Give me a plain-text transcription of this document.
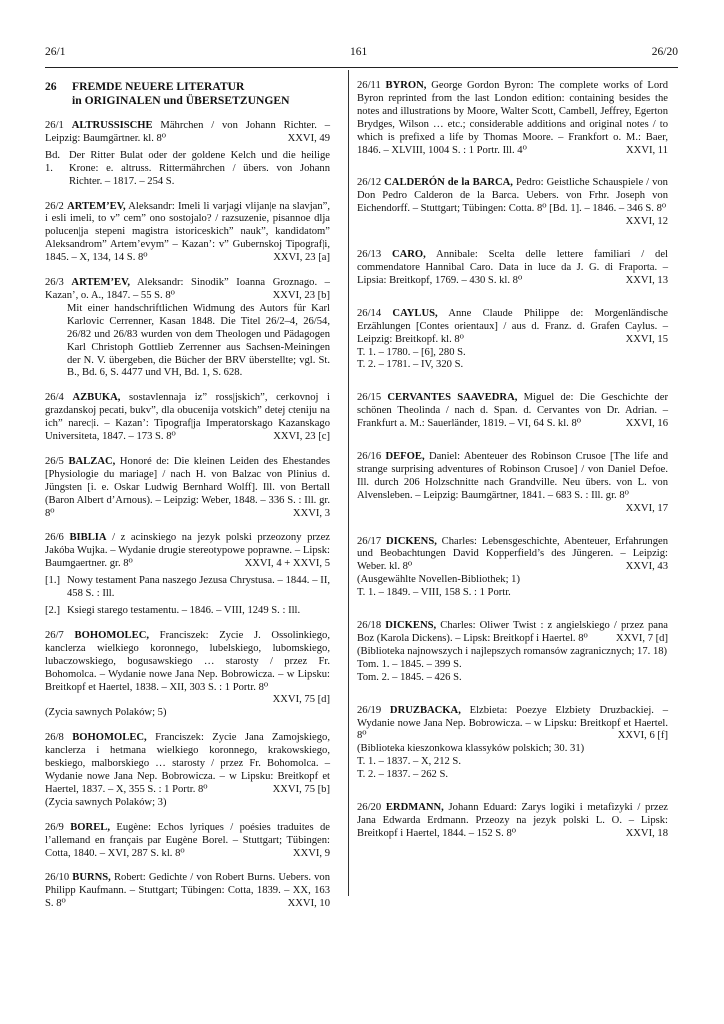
26/1	161	26/20
26	FREMDE NEUERE LITERATUR
in ORIGINALEN und ÜBERSETZUNGEN

26/1 ALTRUSSISCHE Mährchen / von Johann Richter. – Leipzig: Baumgärtner. kl. 8⁰	XXVI, 49

Bd. 1.
Der Ritter Bulat oder der goldene Kelch und die heilige Krone: e. altruss. Rittermährchen / übers. von Johann Richter. – 1817. – 254 S.

26/2 ARTEM’EV, Aleksandr: Imeli li varjagi vlijan|e na slavjan”, i esli imeli, to v” cem” ono sostojalo? / razsuzenie, pisannoe dlja polucen|ja stepeni magistra istoriceskich” nauk”, kandidatom” Aleksandrom” Artem’evym” – Kazan’: v” Gubernskoj Tipograf|i, 1845. – X, 134, 14 S. 8⁰	XXVI, 23 [a]

26/3 ARTEM’EV, Aleksandr: Sinodik” Ioanna Groznago. – Kazan’, o. A., 1847. – 55 S. 8⁰	XXVI, 23 [b]

Mit einer handschriftlichen Widmung des Autors für Karl Karlovic Cerrenner, Kasan 1848. Die Titel 26/2–4, 26/54, 26/82 und 26/83 wurden von dem Theologen und Pädagogen Karl Christoph Gottlieb Zerrenner aus Sachsen-Meiningen der N. V. übergeben, die Bücher der BRV überstellte; vgl. St. B., Bd. 6, S. 4477 und VH, Bd. 1, S. 628.

26/4 AZBUKA, sostavlennaja iz” ross|jskich”, cerkovnoj i grazdanskoj pecati, bukv”, dla obucenija votskich” detej cteniju na ich” narec|i. – Kazan’: Tipograf|ja Imperatorskago Kazanskago Universiteta, 1847. – 173 S. 8⁰	XXVI, 23 [c]

26/5 BALZAC, Honoré de: Die kleinen Leiden des Ehestandes [Physiologie du mariage] / nach H. von Balzac von Plinius d. Jüngsten [i. e. Oskar Ludwig Bernhard Wolff]. Ill. von Bertall (Baron Albert d’Arnous). – Leipzig: Weber, 1848. – 336 S. : Ill. gr. 8⁰	XXVI, 3

26/6 BIBLIA / z acinskiego na jezyk polski przeozony przez Jakóba Wujka. – Wydanie drugie stereotypowe poprawne. – Lipsk: Baumgaertner. gr. 8⁰	XXVI, 4 + XXVI, 5

[1.] Nowy testament Pana naszego Jezusa Chrystusa. – 1844. – II, 458 S. : Ill.
[2.] Ksiegi starego testamentu. – 1846. – VIII, 1249 S. : Ill.

26/7 BOHOMOLEC, Franciszek: Zycie J. Ossolinkiego, kanclerza wielkiego koronnego, lubelskiego, lubomskiego, lubaczowskiego, bogusawskiego … starosty / przez Fr. Bohomolca. – Wydanie nowe Jana Nep. Bobrowicza. – w Lipsku: Breitkopf et Haertel, 1838. – XII, 303 S. : 1 Portr. 8⁰
XXVI, 75 [d]

(Zycia sawnych Polaków; 5)

26/8 BOHOMOLEC, Franciszek: Zycie Jana Zamojskiego, kanclerza i hetmana wielkiego koronnego, krakowskiego, beskiego, malborskiego … starosty / przez Fr. Bohomolca. – Wydanie nowe Jana Nep. Bobrowicza. – w Lipsku: Breitkopf et Haertel, 1837. – X, 355 S. : 1 Portr. 8⁰	XXVI, 75 [b]

(Zycia sawnych Polaków; 3)

26/9 BOREL, Eugène: Echos lyriques / poésies traduites de l’allemand en français par Eugène Borel. – Stuttgart; Tübingen: Cotta, 1840. – XVI, 287 S. kl. 8⁰	XXVI, 9

26/10 BURNS, Robert: Gedichte / von Robert Burns. Uebers. von Philipp Kaufmann. – Stuttgart; Tübingen: Cotta, 1839. – XX, 163 S. 8⁰	XXVI, 10

26/11 BYRON, George Gordon Byron: The complete works of Lord Byron reprinted from the last London edition: containing besides the notes and illustrations by Moore, Walter Scott, Cambell, Jeffrey, Egerton Brydges, Wilson … etc.; considerable additions and original notes / to which is prefixed a life by Thomas Moore. – Frankfort o. M.: Baer, 1846. – XLVIII, 1004 S. : 1 Portr. Ill. 4⁰	XXVI, 11

26/12 CALDERÓN de la BARCA, Pedro: Geistliche Schauspiele / von Don Pedro Calderon de la Barca. Uebers. von Frhr. Joseph von Eichendorff. – Stuttgart; Tübingen: Cotta. 8⁰ [Bd. 1]. – 1846. – 346 S. 8⁰
XXVI, 12

26/13 CARO, Annibale: Scelta delle lettere familiari / del commendatore Hannibal Caro. Data in luce da J. G. di Fraporta. – Lipsia: Breitkopf, 1769. – 430 S. kl. 8⁰	XXVI, 13

26/14 CAYLUS, Anne Claude Philippe de: Morgenländische Erzählungen [Contes orientaux] / aus d. Franz. d. Grafen Caylus. – Leipzig: Breitkopf. kl. 8⁰	XXVI, 15

T. 1. – 1780. – [6], 280 S.

T. 2. – 1781. – IV, 320 S.

26/15 CERVANTES SAAVEDRA, Miguel de: Die Geschichte der schönen Theolinda / nach d. Span. d. Cervantes von Dr. Adrian. – Frankfurt a. M.: Sauerländer, 1819. – VI, 64 S. kl. 8⁰	XXVI, 16

26/16 DEFOE, Daniel: Abenteuer des Robinson Crusoe [The life and strange surprising adventures of Robinson Crusoe] / von Daniel Defoe. Ill. durch 206 Holzschnitte nach Grandville. Neu übers. von L. von Alvensleben. – Leipzig: Baumgärtner, 1841. – 683 S. : Ill. gr. 8⁰
XXVI, 17

26/17 DICKENS, Charles: Lebensgeschichte, Abenteuer, Erfahrungen und Beobachtungen David Kopperfield’s des Jüngeren. – Leipzig: Weber. kl. 8⁰	XXVI, 43

(Ausgewählte Novellen-Bibliothek; 1)

T. 1. – 1849. – VIII, 158 S. : 1 Portr.

26/18 DICKENS, Charles: Oliwer Twist : z angielskiego / przez pana Boz (Karola Dickens). – Lipsk: Breitkopf i Haertel. 8⁰	XXVI, 7 [d]

(Biblioteka najnowszych i najlepszych romansów zagranicznych; 17. 18)

Tom. 1. – 1845. – 399 S.

Tom. 2. – 1845. – 426 S.

26/19 DRUZBACKA, Elzbieta: Poezye Elzbiety Druzbackiej. – Wydanie nowe Jana Nep. Bobrowicza. – w Lipsku: Breitkopf et Haertel. 8⁰	XXVI, 6 [f]

(Biblioteka kieszonkowa klassyków polskich; 30. 31)

T. 1. – 1837. – X, 212 S.

T. 2. – 1837. – 262 S.

26/20 ERDMANN, Johann Eduard: Zarys logiki i metafizyki / przez Jana Edwarda Erdmann. Przeozy na jezyk polski L. O. – Lipsk: Breitkopf i Haertel, 1844. – 152 S. 8⁰	XXVI, 18
